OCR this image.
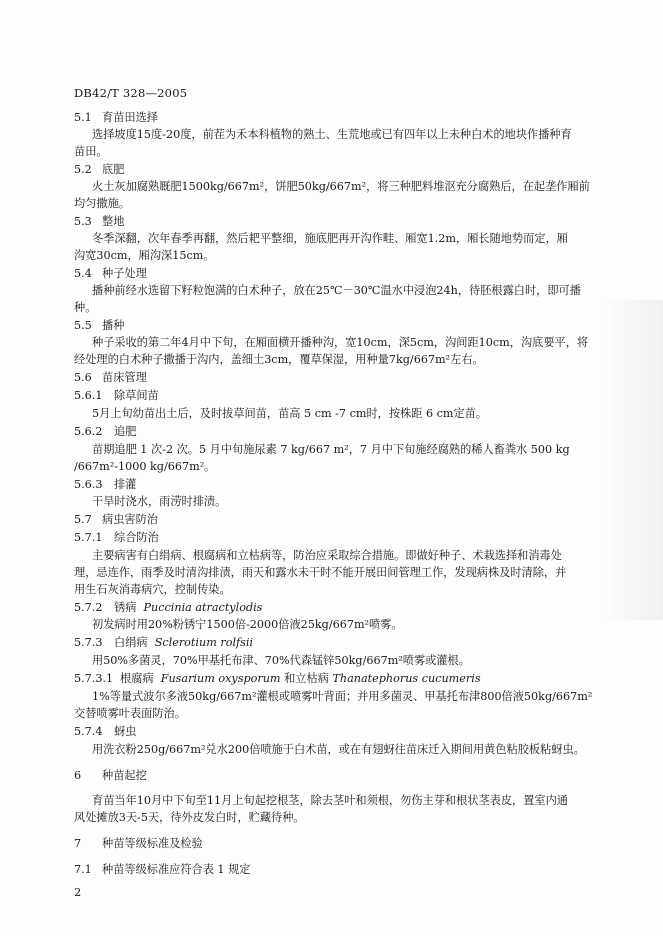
DB42/T 328—2005
5.1 育苗田选择
选择坡度15度-20度，前茬为禾本科植物的熟土、生荒地或已有四年以上未种白术的地块作播种育
苗田。
5.2 底肥
火土灰加腐熟厩肥1500kg/667m²，饼肥50kg/667m²，将三种肥料堆沤充分腐熟后，在起垄作厢前
均匀撒施。
5.3 整地
冬季深翻，次年春季再翻，然后耙平整细，施底肥再开沟作畦、厢宽1.2m，厢长随地势而定，厢
沟宽30cm，厢沟深15cm。
5.4 种子处理
播种前经水选留下籽粒饱满的白术种子，放在25℃－30℃温水中浸泡24h，待胚根露白时，即可播
种。
5.5 播种
种子采收的第二年4月中下旬，在厢面横开播种沟，宽10cm，深5cm，沟间距10cm，沟底要平，将
经处理的白术种子撒播于沟内，盖细土3cm，覆草保湿，用种量7kg/667m²左右。
5.6 苗床管理
5.6.1 除草间苗
5月上旬幼苗出土后，及时拔草间苗，苗高 5 cm -7 cm时，按株距 6 cm定苗。
5.6.2 追肥
苗期追肥 1 次-2 次。5 月中旬施尿素 7 kg/667 m²，7 月中下旬施经腐熟的稀人畜粪水 500 kg
/667m²-1000 kg/667m²。
5.6.3 排灌
干旱时浇水，雨涝时排渍。
5.7 病虫害防治
5.7.1 综合防治
主要病害有白绢病、根腐病和立枯病等，防治应采取综合措施。即做好种子、术栽选择和消毒处
理，忌连作，雨季及时清沟排渍，雨天和露水未干时不能开展田间管理工作，发现病株及时清除，并
用生石灰消毒病穴，控制传染。
5.7.2 锈病 Puccinia atractylodis
初发病时用20%粉锈宁1500倍-2000倍液25kg/667m²喷雾。
5.7.3 白绢病 Sclerotium rolfsii
用50%多菌灵，70%甲基托布津、70%代森锰锌50kg/667m²喷雾或灌根。
5.7.3.1 根腐病 Fusarium oxysporum 和立枯病 Thanatephorus cucumeris
1%等量式波尔多液50kg/667m²灌根或喷雾叶背面；并用多菌灵、甲基托布津800倍液50kg/667m²
交替喷雾叶表面防治。
5.7.4 蚜虫
用洗衣粉250g/667m²兑水200倍喷施于白术苗，或在有翅蚜往苗床迁入期间用黄色粘胶板粘蚜虫。
6 种苗起挖
育苗当年10月中下旬至11月上旬起挖根茎，除去茎叶和须根，勿伤主芽和根状茎表皮，置室内通
风处摊放3天-5天，待外皮发白时，贮藏待种。
7 种苗等级标准及检验
7.1 种苗等级标准应符合表 1 规定
2
